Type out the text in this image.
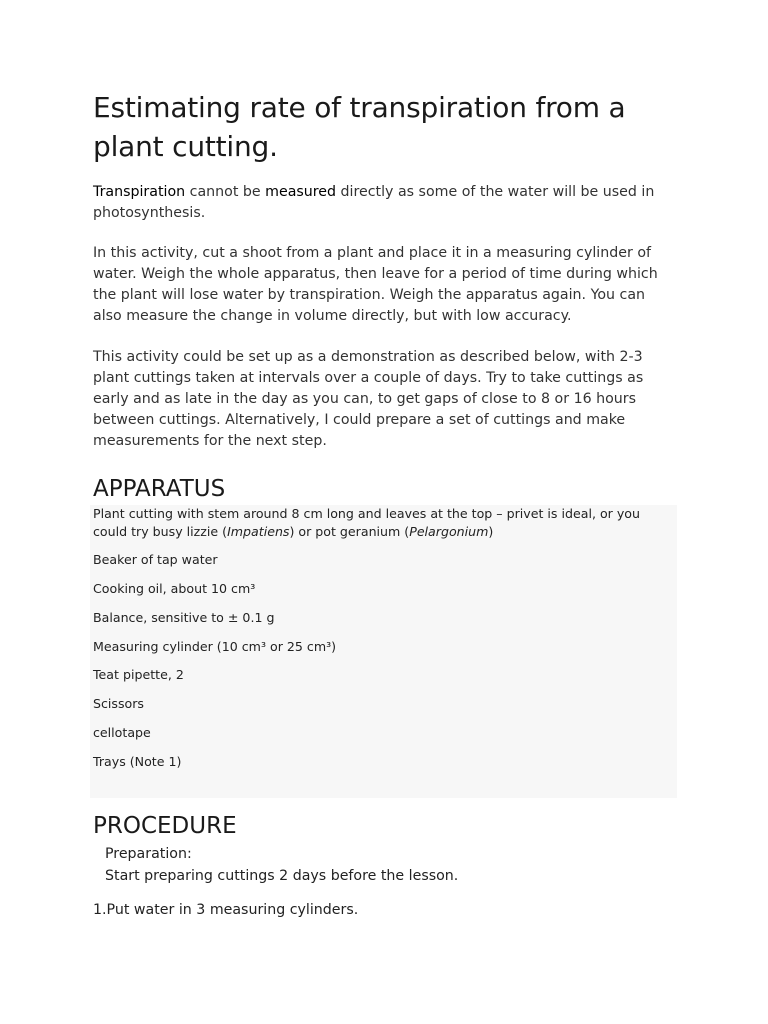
Estimating rate of transpiration from a plant cutting.

Transpiration cannot be measured directly as some of the water will be used in photosynthesis.

In this activity, cut a shoot from a plant and place it in a measuring cylinder of water. Weigh the whole apparatus, then leave for a period of time during which the plant will lose water by transpiration. Weigh the apparatus again. You can also measure the change in volume directly, but with low accuracy.

This activity could be set up as a demonstration as described below, with 2-3 plant cuttings taken at intervals over a couple of days. Try to take cuttings as early and as late in the day as you can, to get gaps of close to 8 or 16 hours between cuttings. Alternatively, I could prepare a set of cuttings and make measurements for the next step.

APPARATUS
Plant cutting with stem around 8 cm long and leaves at the top – privet is ideal, or you could try busy lizzie (Impatiens) or pot geranium (Pelargonium)
Beaker of tap water
Cooking oil, about 10 cm³
Balance, sensitive to ± 0.1 g
Measuring cylinder (10 cm³ or 25 cm³)
Teat pipette, 2
Scissors
cellotape
Trays (Note 1)
PROCEDURE
Preparation:
Start preparing cuttings 2 days before the lesson.
1.Put water in 3 measuring cylinders.
